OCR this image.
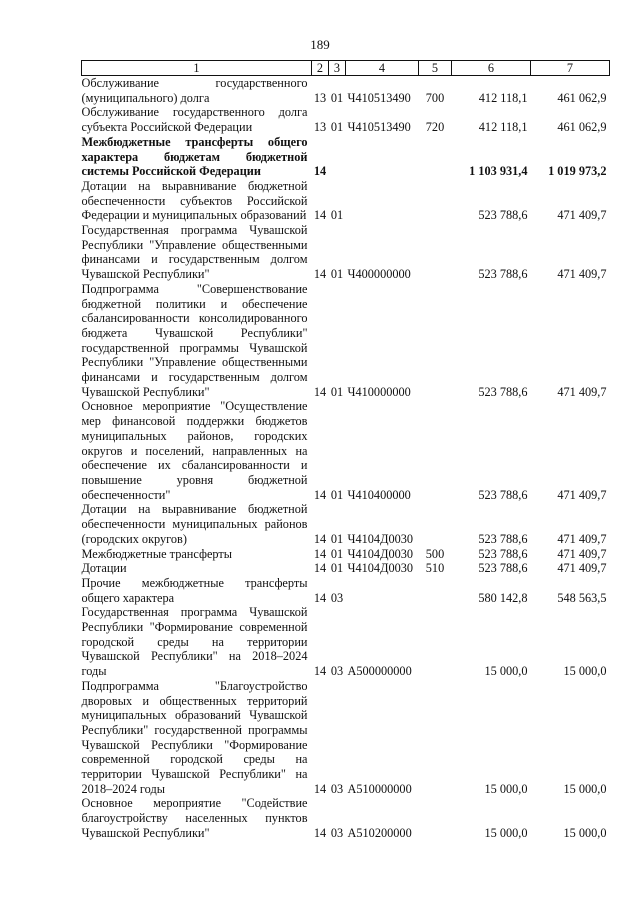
189
1	2	3	4	5	6	7
Обслуживание государственного (муниципального) долга	13	01	Ч410513490	700	412 118,1	461 062,9
Обслуживание государственного долга субъекта Российской Федерации	13	01	Ч410513490	720	412 118,1	461 062,9
Межбюджетные трансферты общего характера бюджетам бюджетной системы Российской Федерации	14				1 103 931,4	1 019 973,2
Дотации на выравнивание бюджетной обеспеченности субъектов Российской Федерации и муниципальных образований	14	01			523 788,6	471 409,7
Государственная программа Чувашской Республики "Управление общественными финансами и государственным долгом Чувашской Республики"	14	01	Ч400000000		523 788,6	471 409,7
Подпрограмма "Совершенствование бюджетной политики и обеспечение сбалансированности консолидированного бюджета Чувашской Республики" государственной программы Чувашской Республики "Управление общественными финансами и государственным долгом Чувашской Республики"	14	01	Ч410000000		523 788,6	471 409,7
Основное мероприятие "Осуществление мер финансовой поддержки бюджетов муниципальных районов, городских округов и поселений, направленных на обеспечение их сбалансированности и повышение уровня бюджетной обеспеченности"	14	01	Ч410400000		523 788,6	471 409,7
Дотации на выравнивание бюджетной обеспеченности муниципальных районов (городских округов)	14	01	Ч4104Д0030		523 788,6	471 409,7
Межбюджетные трансферты	14	01	Ч4104Д0030	500	523 788,6	471 409,7
Дотации	14	01	Ч4104Д0030	510	523 788,6	471 409,7
Прочие межбюджетные трансферты общего характера	14	03			580 142,8	548 563,5
Государственная программа Чувашской Республики "Формирование современной городской среды на территории Чувашской Республики" на 2018–2024 годы	14	03	А500000000		15 000,0	15 000,0
Подпрограмма "Благоустройство дворовых и общественных территорий муниципальных образований Чувашской Республики" государственной программы Чувашской Республики "Формирование современной городской среды на территории Чувашской Республики" на 2018–2024 годы	14	03	А510000000		15 000,0	15 000,0
Основное мероприятие "Содействие благоустройству населенных пунктов Чувашской Республики"	14	03	А510200000		15 000,0	15 000,0
